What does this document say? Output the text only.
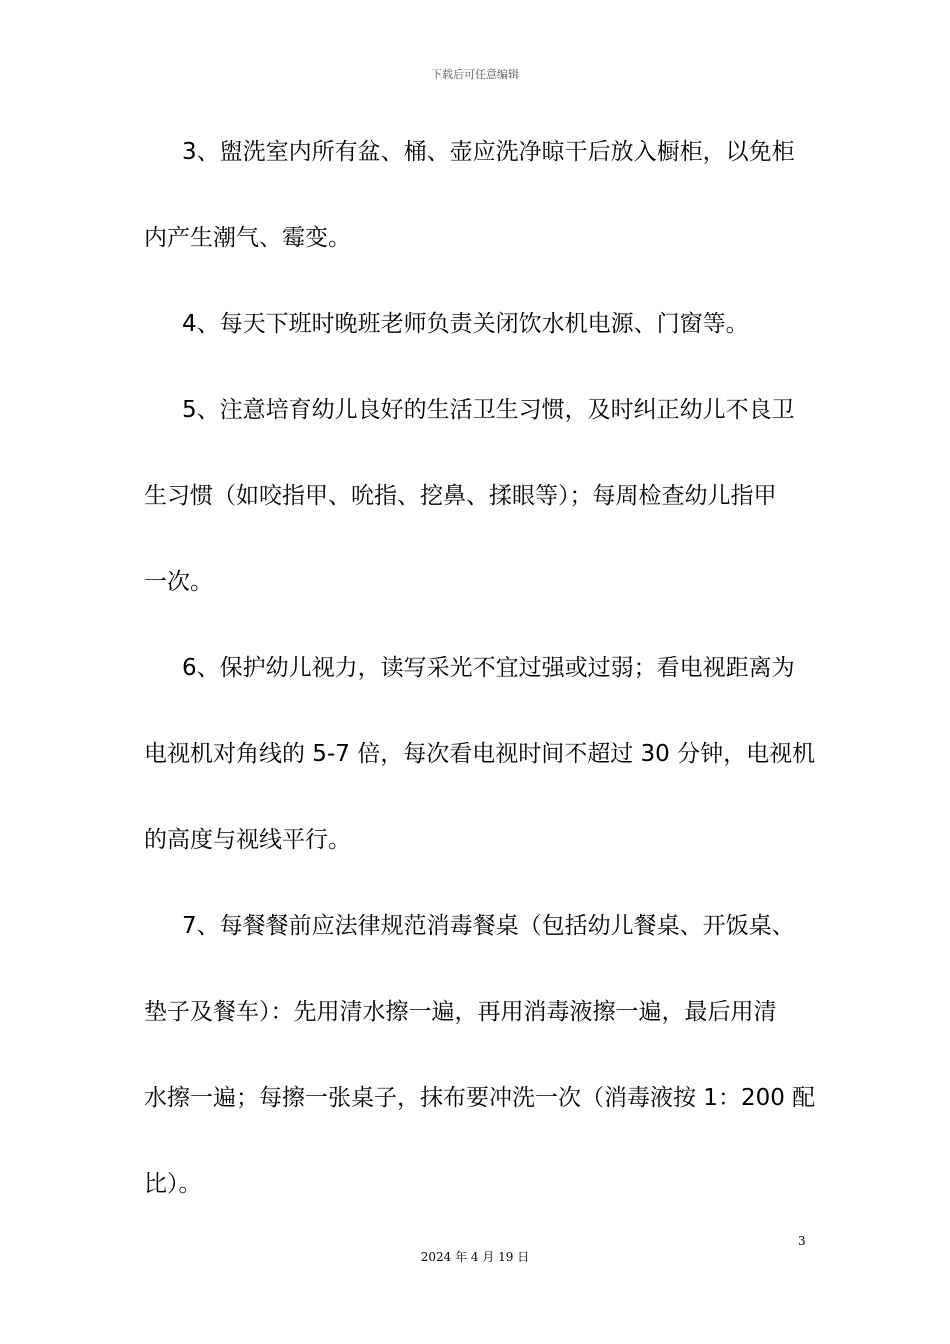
下载后可任意编辑
3、盥洗室内所有盆、桶、壶应洗净晾干后放入橱柜，以免柜
内产生潮气、霉变。
4、每天下班时晚班老师负责关闭饮水机电源、门窗等。
5、注意培育幼儿良好的生活卫生习惯，及时纠正幼儿不良卫
生习惯（如咬指甲、吮指、挖鼻、揉眼等）；每周检查幼儿指甲
一次。
6、保护幼儿视力，读写采光不宜过强或过弱；看电视距离为
电视机对角线的 5-7 倍，每次看电视时间不超过 30 分钟，电视机
的高度与视线平行。
7、每餐餐前应法律规范消毒餐桌（包括幼儿餐桌、开饭桌、
垫子及餐车）：先用清水擦一遍，再用消毒液擦一遍，最后用清
水擦一遍；每擦一张桌子，抹布要冲洗一次（消毒液按 1：200 配
比）。
3
2024 年 4 月 19 日
